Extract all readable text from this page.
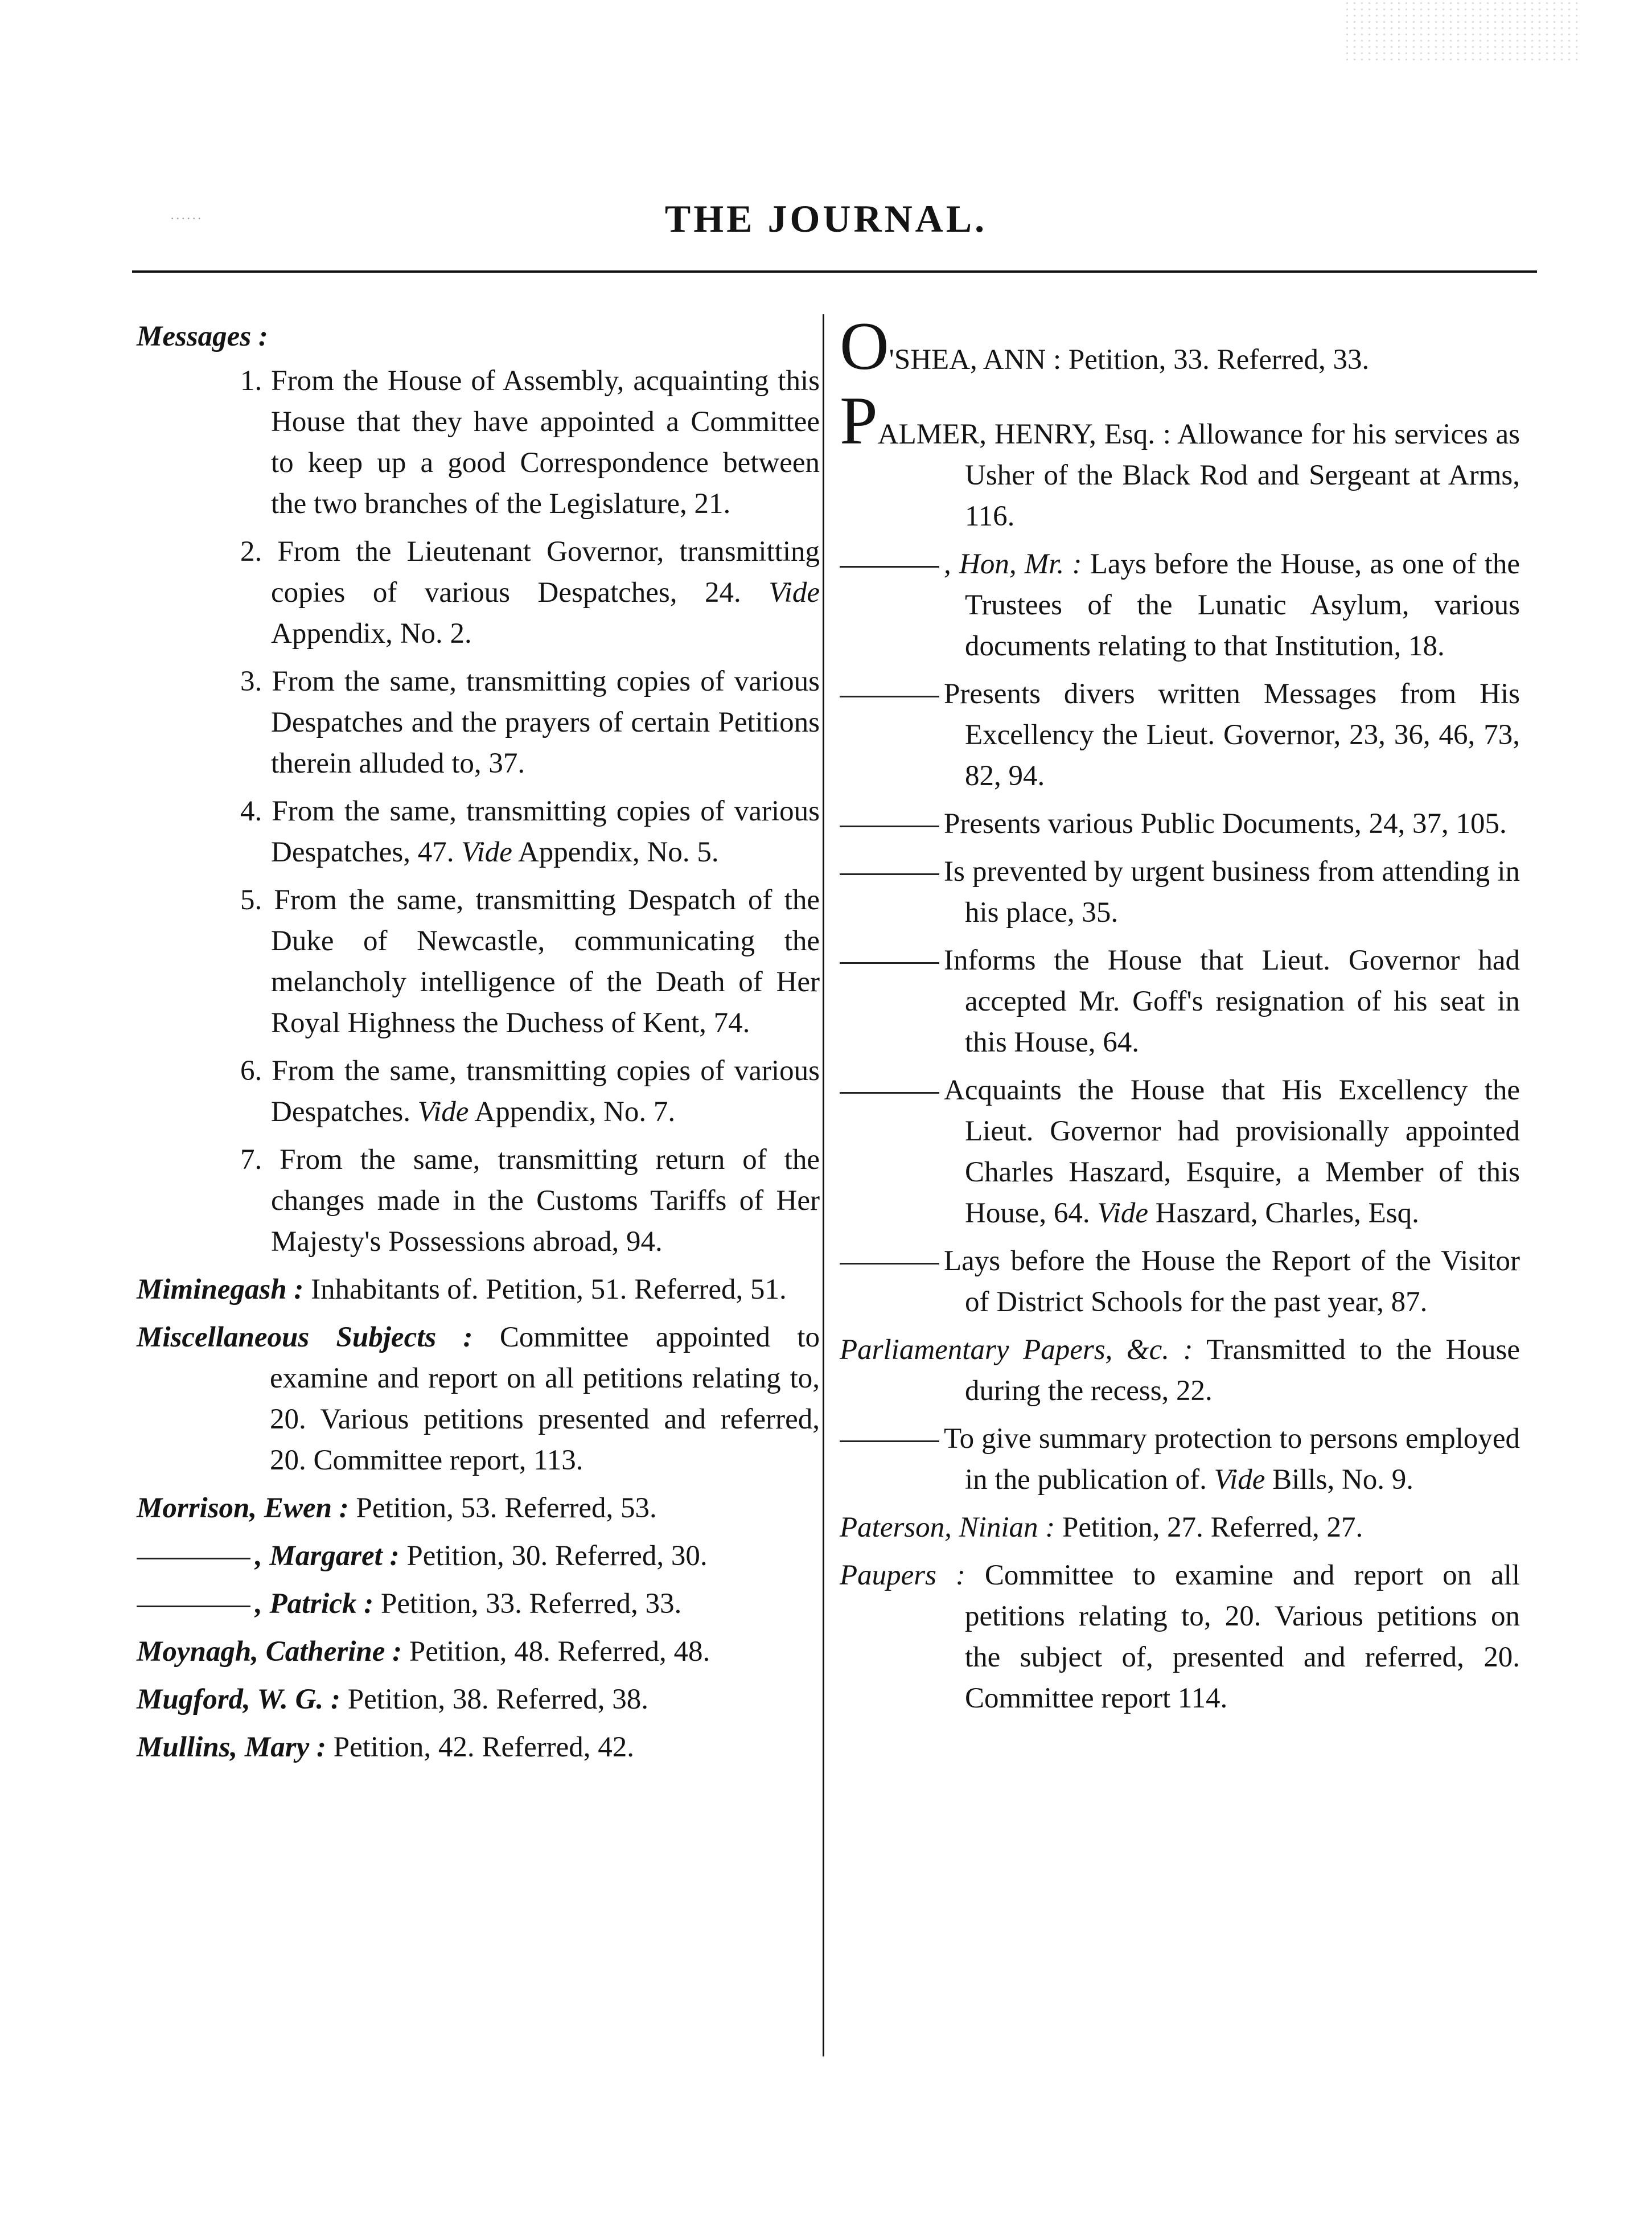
......	THE JOURNAL.
Messages :
1. From the House of Assembly, acquainting this House that they have appointed a Committee to keep up a good Correspondence between the two branches of the Legislature, 21.
2. From the Lieutenant Governor, transmitting copies of various Despatches, 24. Vide Appendix, No. 2.
3. From the same, transmitting copies of various Despatches and the prayers of certain Petitions therein alluded to, 37.
4. From the same, transmitting copies of various Despatches, 47. Vide Appendix, No. 5.
5. From the same, transmitting Despatch of the Duke of Newcastle, communicating the melancholy intelligence of the Death of Her Royal Highness the Duchess of Kent, 74.
6. From the same, transmitting copies of various Despatches. Vide Appendix, No. 7.
7. From the same, transmitting return of the changes made in the Customs Tariffs of Her Majesty's Possessions abroad, 94.
Miminegash : Inhabitants of. Petition, 51. Referred, 51.
Miscellaneous Subjects : Committee appointed to examine and report on all petitions relating to, 20. Various petitions presented and referred, 20. Committee report, 113.
Morrison, Ewen : Petition, 53. Referred, 53.
, Margaret : Petition, 30. Referred, 30.
, Patrick : Petition, 33. Referred, 33.
Moynagh, Catherine : Petition, 48. Referred, 48.
Mugford, W. G. : Petition, 38. Referred, 38.
Mullins, Mary : Petition, 42. Referred, 42.
O'SHEA, ANN : Petition, 33. Referred, 33.
PALMER, HENRY, Esq. : Allowance for his services as Usher of the Black Rod and Sergeant at Arms, 116.
, Hon, Mr. : Lays before the House, as one of the Trustees of the Lunatic Asylum, various documents relating to that Institution, 18.
Presents divers written Messages from His Excellency the Lieut. Governor, 23, 36, 46, 73, 82, 94.
Presents various Public Documents, 24, 37, 105.
Is prevented by urgent business from attending in his place, 35.
Informs the House that Lieut. Governor had accepted Mr. Goff's resignation of his seat in this House, 64.
Acquaints the House that His Excellency the Lieut. Governor had provisionally appointed Charles Haszard, Esquire, a Member of this House, 64. Vide Haszard, Charles, Esq.
Lays before the House the Report of the Visitor of District Schools for the past year, 87.
Parliamentary Papers, &c. : Transmitted to the House during the recess, 22.
To give summary protection to persons employed in the publication of. Vide Bills, No. 9.
Paterson, Ninian : Petition, 27. Referred, 27.
Paupers : Committee to examine and report on all petitions relating to, 20. Various petitions on the subject of, presented and referred, 20. Committee report 114.
